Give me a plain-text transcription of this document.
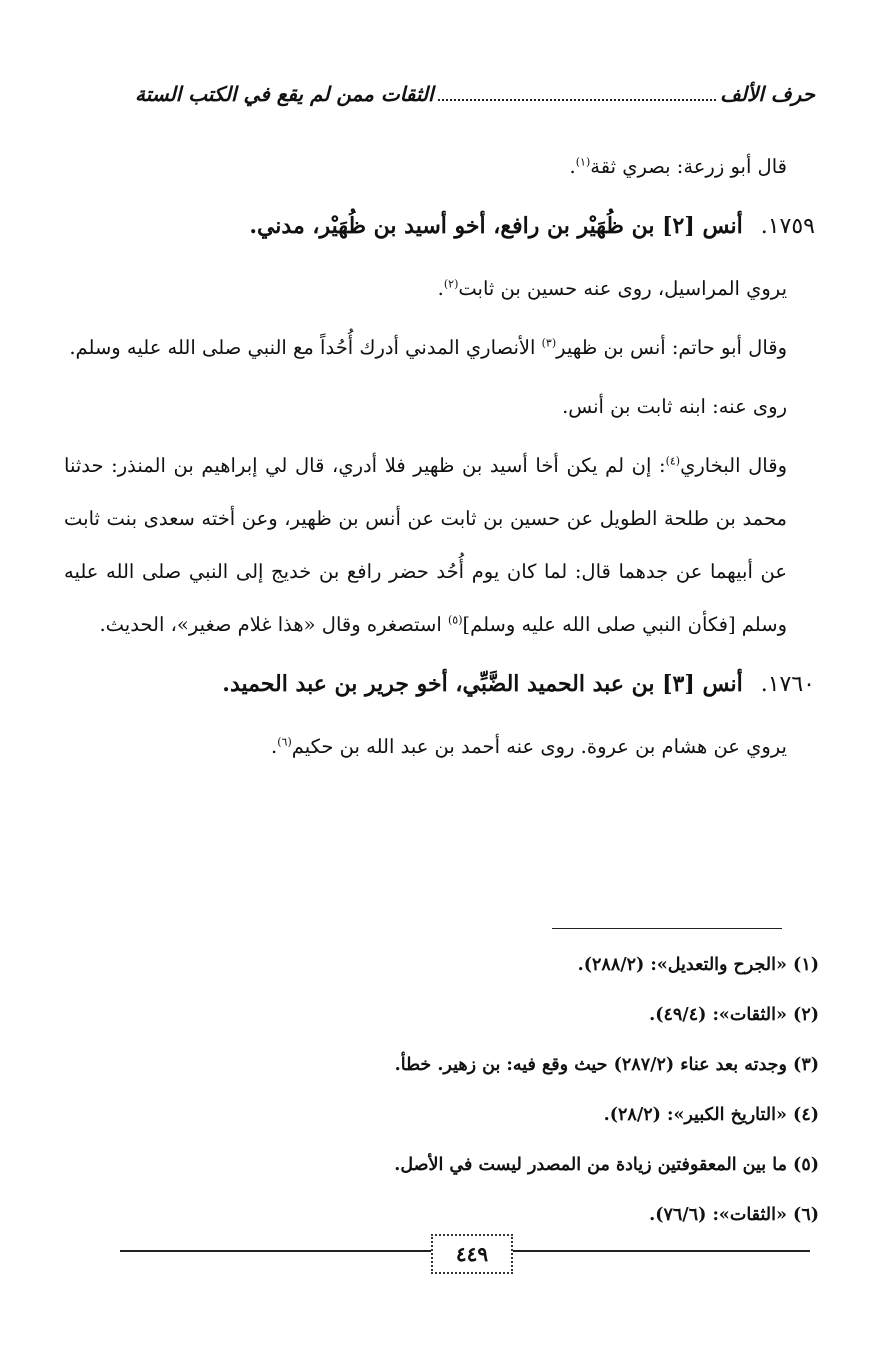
حرف الألف
الثقات ممن لم يقع في الكتب الستة

قال أبو زرعة: بصري ثقة$^{(١)}$.

١٧٥٩.أنس [٢] بن ظُهَيْر بن رافع، أخو أسيد بن ظُهَيْر، مدني.

يروي المراسيل، روى عنه حسين بن ثابت$^{(٢)}$.

وقال أبو حاتم: أنس بن ظهير$^{(٣)}$ الأنصاري المدني أدرك أُحُداً مع النبي صلى الله عليه وسلم.

روى عنه: ابنه ثابت بن أنس.

وقال البخاري$^{(٤)}$: إن لم يكن أخا أسيد بن ظهير فلا أدري، قال لي إبراهيم بن المنذر: حدثنا محمد بن طلحة الطويل عن حسين بن ثابت عن أنس بن ظهير، وعن أخته سعدى بنت ثابت عن أبيهما عن جدهما قال: لما كان يوم أُحُد حضر رافع بن خديج إلى النبي صلى الله عليه وسلم [فكأن النبي صلى الله عليه وسلم]$^{(٥)}$ استصغره وقال «هذا غلام صغير»، الحديث.

١٧٦٠.أنس [٣] بن عبد الحميد الضَّبِّي، أخو جرير بن عبد الحميد.

يروي عن هشام بن عروة. روى عنه أحمد بن عبد الله بن حكيم$^{(٦)}$.

(١) «الجرح والتعديل»: (٢٨٨/٢).

(٢) «الثقات»: (٤٩/٤).

(٣) وجدته بعد عناء (٢٨٧/٢) حيث وقع فيه: بن زهير. خطأ.

(٤) «التاريخ الكبير»: (٢٨/٢).

(٥) ما بين المعقوفتين زيادة من المصدر ليست في الأصل.

(٦) «الثقات»: (٧٦/٦).

٤٤٩
